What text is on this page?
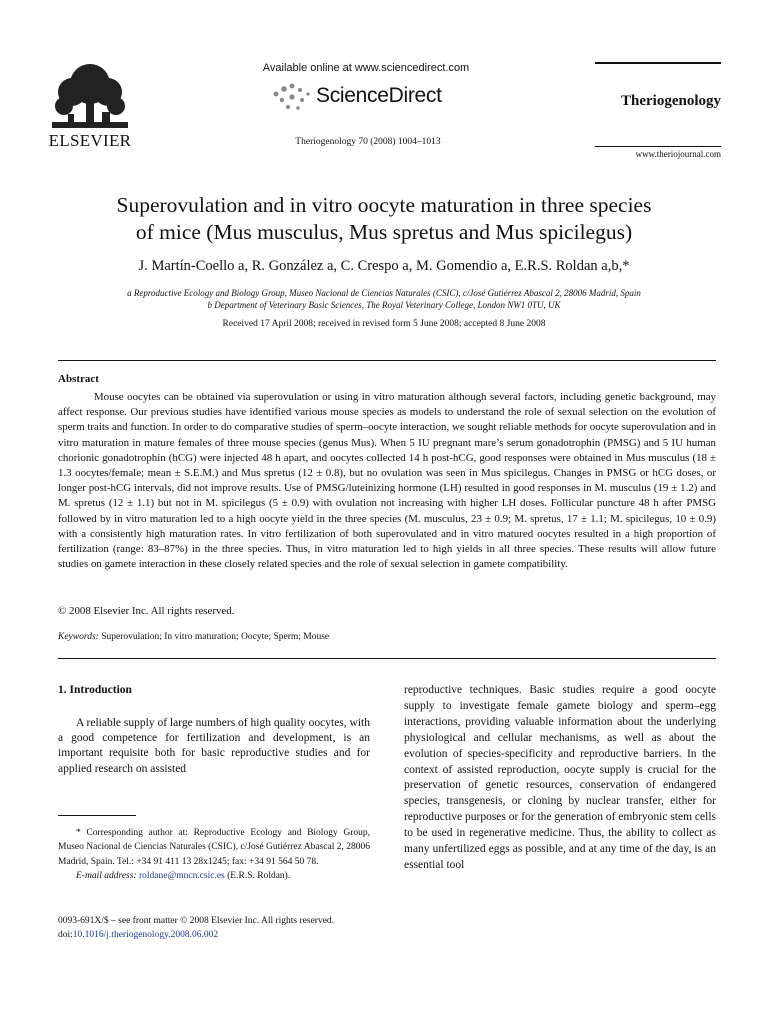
ELSEVIER
Available online at www.sciencedirect.com
ScienceDirect
Theriogenology 70 (2008) 1004–1013
Theriogenology
www.theriojournal.com
Superovulation and in vitro oocyte maturation in three species
of mice (Mus musculus, Mus spretus and Mus spicilegus)
J. Martín-Coello a, R. González a, C. Crespo a, M. Gomendio a, E.R.S. Roldan a,b,*
a Reproductive Ecology and Biology Group, Museo Nacional de Ciencias Naturales (CSIC), c/José Gutiérrez Abascal 2, 28006 Madrid, Spain
b Department of Veterinary Basic Sciences, The Royal Veterinary College, London NW1 0TU, UK
Received 17 April 2008; received in revised form 5 June 2008; accepted 8 June 2008
Abstract
Mouse oocytes can be obtained via superovulation or using in vitro maturation although several factors, including genetic background, may affect response. Our previous studies have identified various mouse species as models to understand the role of sexual selection on the evolution of sperm traits and function. In order to do comparative studies of sperm–oocyte interaction, we sought reliable methods for oocyte superovulation and in vitro maturation in mature females of three mouse species (genus Mus). When 5 IU pregnant mare’s serum gonadotrophin (PMSG) and 5 IU human chorionic gonadotrophin (hCG) were injected 48 h apart, and oocytes collected 14 h post-hCG, good responses were obtained in Mus musculus (18 ± 1.3 oocytes/female; mean ± S.E.M.) and Mus spretus (12 ± 0.8), but no ovulation was seen in Mus spicilegus. Changes in PMSG or hCG doses, or longer post-hCG intervals, did not improve results. Use of PMSG/luteinizing hormone (LH) resulted in good responses in M. musculus (19 ± 1.2) and M. spretus (12 ± 1.1) but not in M. spicilegus (5 ± 0.9) with ovulation not increasing with higher LH doses. Follicular puncture 48 h after PMSG followed by in vitro maturation led to a high oocyte yield in the three species (M. musculus, 23 ± 0.9; M. spretus, 17 ± 1.1; M. spicilegus, 10 ± 0.9) with a consistently high maturation rates. In vitro fertilization of both superovulated and in vitro matured oocytes resulted in a high proportion of fertilization (range: 83–87%) in the three species. Thus, in vitro maturation led to high yields in all three species. These results will allow future studies on gamete interaction in these closely related species and the role of sexual selection in gamete compatibility.
© 2008 Elsevier Inc. All rights reserved.
Keywords: Superovulation; In vitro maturation; Oocyte; Sperm; Mouse
1. Introduction
A reliable supply of large numbers of high quality oocytes, with a good competence for fertilization and development, is an important requisite both for basic reproductive studies and for applied research on assisted
reproductive techniques. Basic studies require a good oocyte supply to investigate female gamete biology and sperm–egg interactions, providing valuable information about the underlying physiological and cellular mechanisms, as well as about the evolution of species-specificity and reproductive barriers. In the context of assisted reproduction, oocyte supply is crucial for the preservation of genetic resources, conservation of endangered species, transgenesis, or cloning by nuclear transfer, either for reproductive purposes or for the generation of embryonic stem cells to be used in regenerative medicine. Thus, the ability to collect as many unfertilized eggs as possible, and at any time of the day, is an essential tool
* Corresponding author at: Reproductive Ecology and Biology Group, Museo Nacional de Ciencias Naturales (CSIC), c/José Gutiérrez Abascal 2, 28006 Madrid, Spain. Tel.: +34 91 411 13 28x1245; fax: +34 91 564 50 78.
E-mail address: roldane@mncn.csic.es (E.R.S. Roldan).
0093-691X/$ – see front matter © 2008 Elsevier Inc. All rights reserved.
doi:10.1016/j.theriogenology.2008.06.002
